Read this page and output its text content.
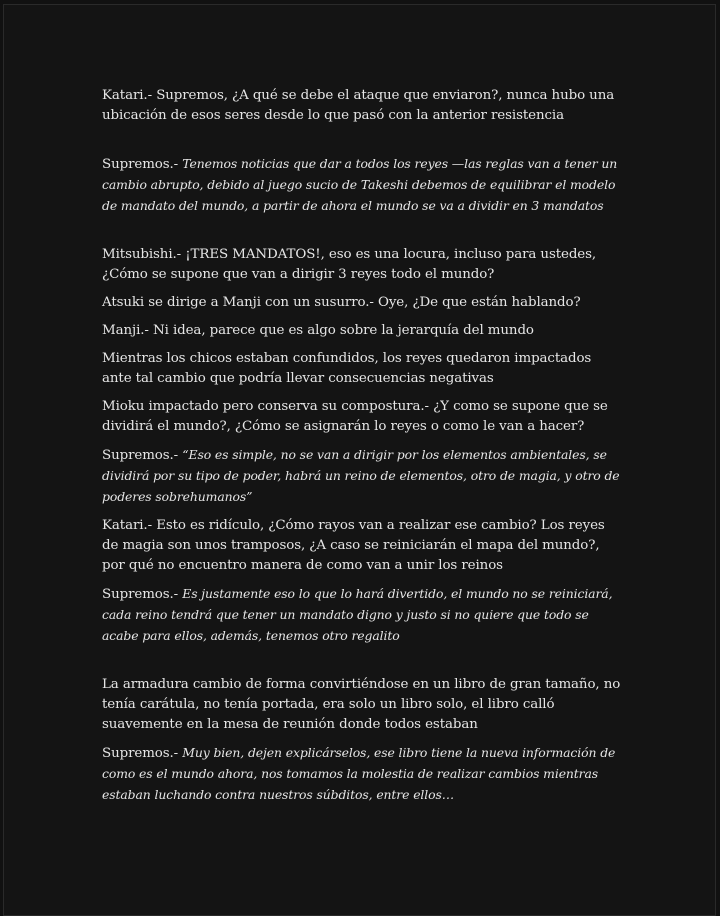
Katari.- Supremos, ¿A qué se debe el ataque que enviaron?, nunca hubo una ubicación de esos seres desde lo que pasó con la anterior resistencia

Supremos.- Tenemos noticias que dar a todos los reyes —las reglas van a tener un cambio abrupto, debido al juego sucio de Takeshi debemos de equilibrar el modelo de mandato del mundo, a partir de ahora el mundo se va a dividir en 3 mandatos

Mitsubishi.- ¡TRES MANDATOS!, eso es una locura, incluso para ustedes, ¿Cómo se supone que van a dirigir 3 reyes todo el mundo?

Atsuki se dirige a Manji con un susurro.- Oye, ¿De que están hablando?

Manji.- Ni idea, parece que es algo sobre la jerarquía del mundo

Mientras los chicos estaban confundidos, los reyes quedaron impactados ante tal cambio que podría llevar consecuencias negativas

Mioku impactado pero conserva su compostura.- ¿Y como se supone que se dividirá el mundo?, ¿Cómo se asignarán lo reyes o como le van a hacer?

Supremos.- “Eso es simple, no se van a dirigir por los elementos ambientales, se dividirá por su tipo de poder, habrá un reino de elementos, otro de magia, y otro de poderes sobrehumanos”

Katari.- Esto es ridículo, ¿Cómo rayos van a realizar ese cambio? Los reyes de magia son unos tramposos, ¿A caso se reiniciarán el mapa del mundo?, por qué no encuentro manera de como van a unir los reinos

Supremos.- Es justamente eso lo que lo hará divertido, el mundo no se reiniciará, cada reino tendrá que tener un mandato digno y justo si no quiere que todo se acabe para ellos, además, tenemos otro regalito

La armadura cambio de forma convirtiéndose en un libro de gran tamaño, no tenía carátula, no tenía portada, era solo un libro solo, el libro calló suavemente en la mesa de reunión donde todos estaban

Supremos.- Muy bien, dejen explicárselos, ese libro tiene la nueva información de como es el mundo ahora, nos tomamos la molestia de realizar cambios mientras estaban luchando contra nuestros súbditos, entre ellos…
